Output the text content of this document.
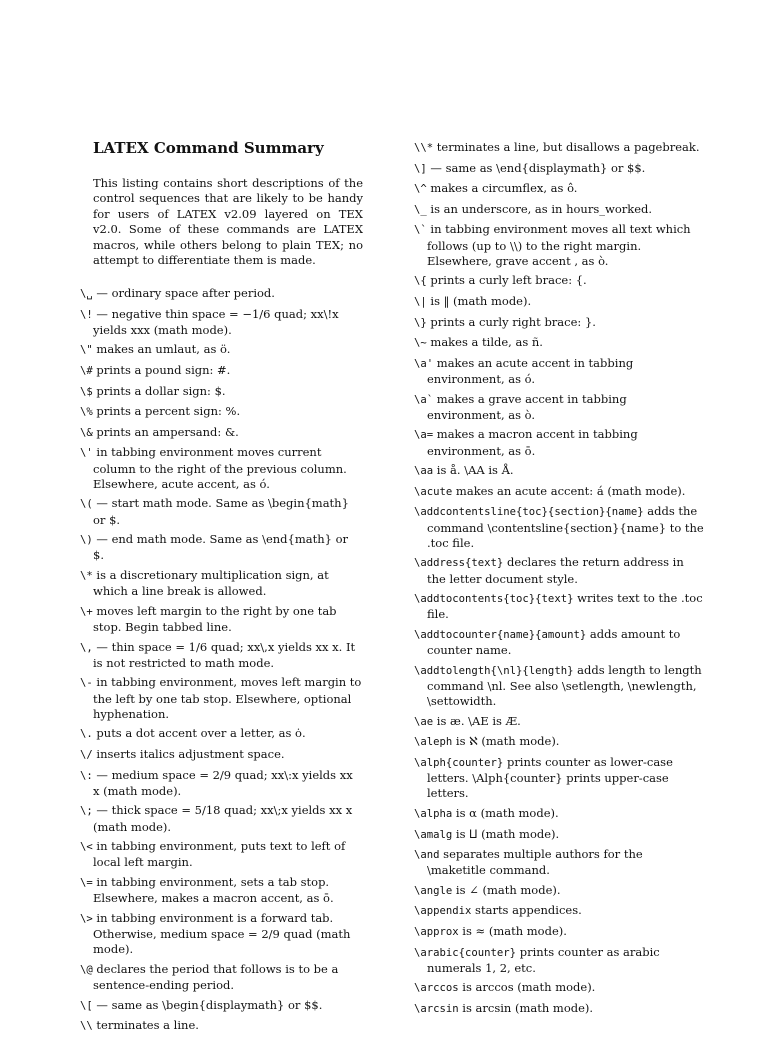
LATEX Command Summary

This listing contains short descriptions of the control sequences that are likely to be handy for users of LATEX v2.09 layered on TEX v2.0. Some of these commands are LATEX macros, while others belong to plain TEX; no attempt to differentiate them is made.

\␣ — ordinary space after period.
\! — negative thin space = −1/6 quad; xx\!x yields xxx (math mode).
\" makes an umlaut, as ö.
\# prints a pound sign: #.
\$ prints a dollar sign: $.
\% prints a percent sign: %.
\& prints an ampersand: &.
\' in tabbing environment moves current column to the right of the previous column. Elsewhere, acute accent, as ó.
\( — start math mode. Same as \begin{math} or $.
\) — end math mode. Same as \end{math} or $.
\* is a discretionary multiplication sign, at which a line break is allowed.
\+ moves left margin to the right by one tab stop. Begin tabbed line.
\, — thin space = 1/6 quad; xx\,x yields xx x. It is not restricted to math mode.
\- in tabbing environment, moves left margin to the left by one tab stop. Elsewhere, optional hyphenation.
\. puts a dot accent over a letter, as ȯ.
\/ inserts italics adjustment space.
\: — medium space = 2/9 quad; xx\:x yields xx x (math mode).
\; — thick space = 5/18 quad; xx\;x yields xx x (math mode).
\< in tabbing environment, puts text to left of local left margin.
\= in tabbing environment, sets a tab stop. Elsewhere, makes a macron accent, as ō.
\> in tabbing environment is a forward tab. Otherwise, medium space = 2/9 quad (math mode).
\@ declares the period that follows is to be a sentence-ending period.
\[ — same as \begin{displaymath} or $$.
\\ terminates a line.
\\* terminates a line, but disallows a pagebreak.
\] — same as \end{displaymath} or $$.
\^ makes a circumflex, as ô.
\_ is an underscore, as in hours_worked.
\` in tabbing environment moves all text which follows (up to \\) to the right margin. Elsewhere, grave accent , as ò.
\{ prints a curly left brace: {.
\| is ‖ (math mode).
\} prints a curly right brace: }.
\~ makes a tilde, as ñ.
\a' makes an acute accent in tabbing environment, as ó.
\a` makes a grave accent in tabbing environment, as ò.
\a= makes a macron accent in tabbing environment, as ō.
\aa is å. \AA is Å.
\acute makes an acute accent: á (math mode).
\addcontentsline{toc}{section}{name} adds the command \contentsline{section}{name} to the .toc file.
\address{text} declares the return address in the letter document style.
\addtocontents{toc}{text} writes text to the .toc file.
\addtocounter{name}{amount} adds amount to counter name.
\addtolength{\nl}{length} adds length to length command \nl. See also \setlength, \newlength, \settowidth.
\ae is æ. \AE is Æ.
\aleph is ℵ (math mode).
\alph{counter} prints counter as lower-case letters. \Alph{counter} prints upper-case letters.
\alpha is α (math mode).
\amalg is ⨿ (math mode).
\and separates multiple authors for the \maketitle command.
\angle is ∠ (math mode).
\appendix starts appendices.
\approx is ≈ (math mode).
\arabic{counter} prints counter as arabic numerals 1, 2, etc.
\arccos is arccos (math mode).
\arcsin is arcsin (math mode).
